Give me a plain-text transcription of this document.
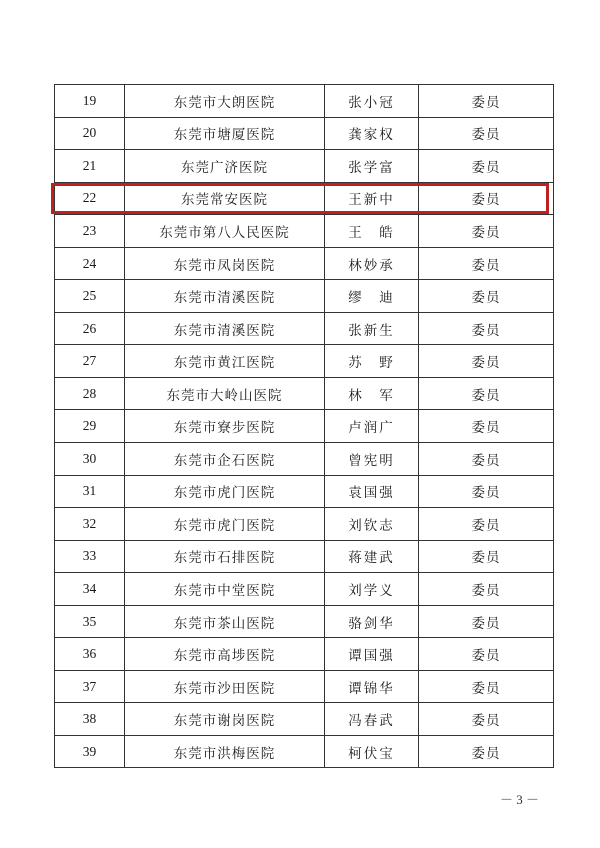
19	东莞市大朗医院	张小冠	委员
20	东莞市塘厦医院	龚家权	委员
21	东莞广济医院	张学富	委员
22	东莞常安医院	王新中	委员
23	东莞市第八人民医院	王　皓	委员
24	东莞市凤岗医院	林妙承	委员
25	东莞市清溪医院	缪　迪	委员
26	东莞市清溪医院	张新生	委员
27	东莞市黄江医院	苏　野	委员
28	东莞市大岭山医院	林　军	委员
29	东莞市寮步医院	卢润广	委员
30	东莞市企石医院	曾宪明	委员
31	东莞市虎门医院	袁国强	委员
32	东莞市虎门医院	刘钦志	委员
33	东莞市石排医院	蒋建武	委员
34	东莞市中堂医院	刘学义	委员
35	东莞市茶山医院	骆剑华	委员
36	东莞市高埗医院	谭国强	委员
37	东莞市沙田医院	谭锦华	委员
38	东莞市谢岗医院	冯春武	委员
39	东莞市洪梅医院	柯伏宝	委员
－ 3 －
